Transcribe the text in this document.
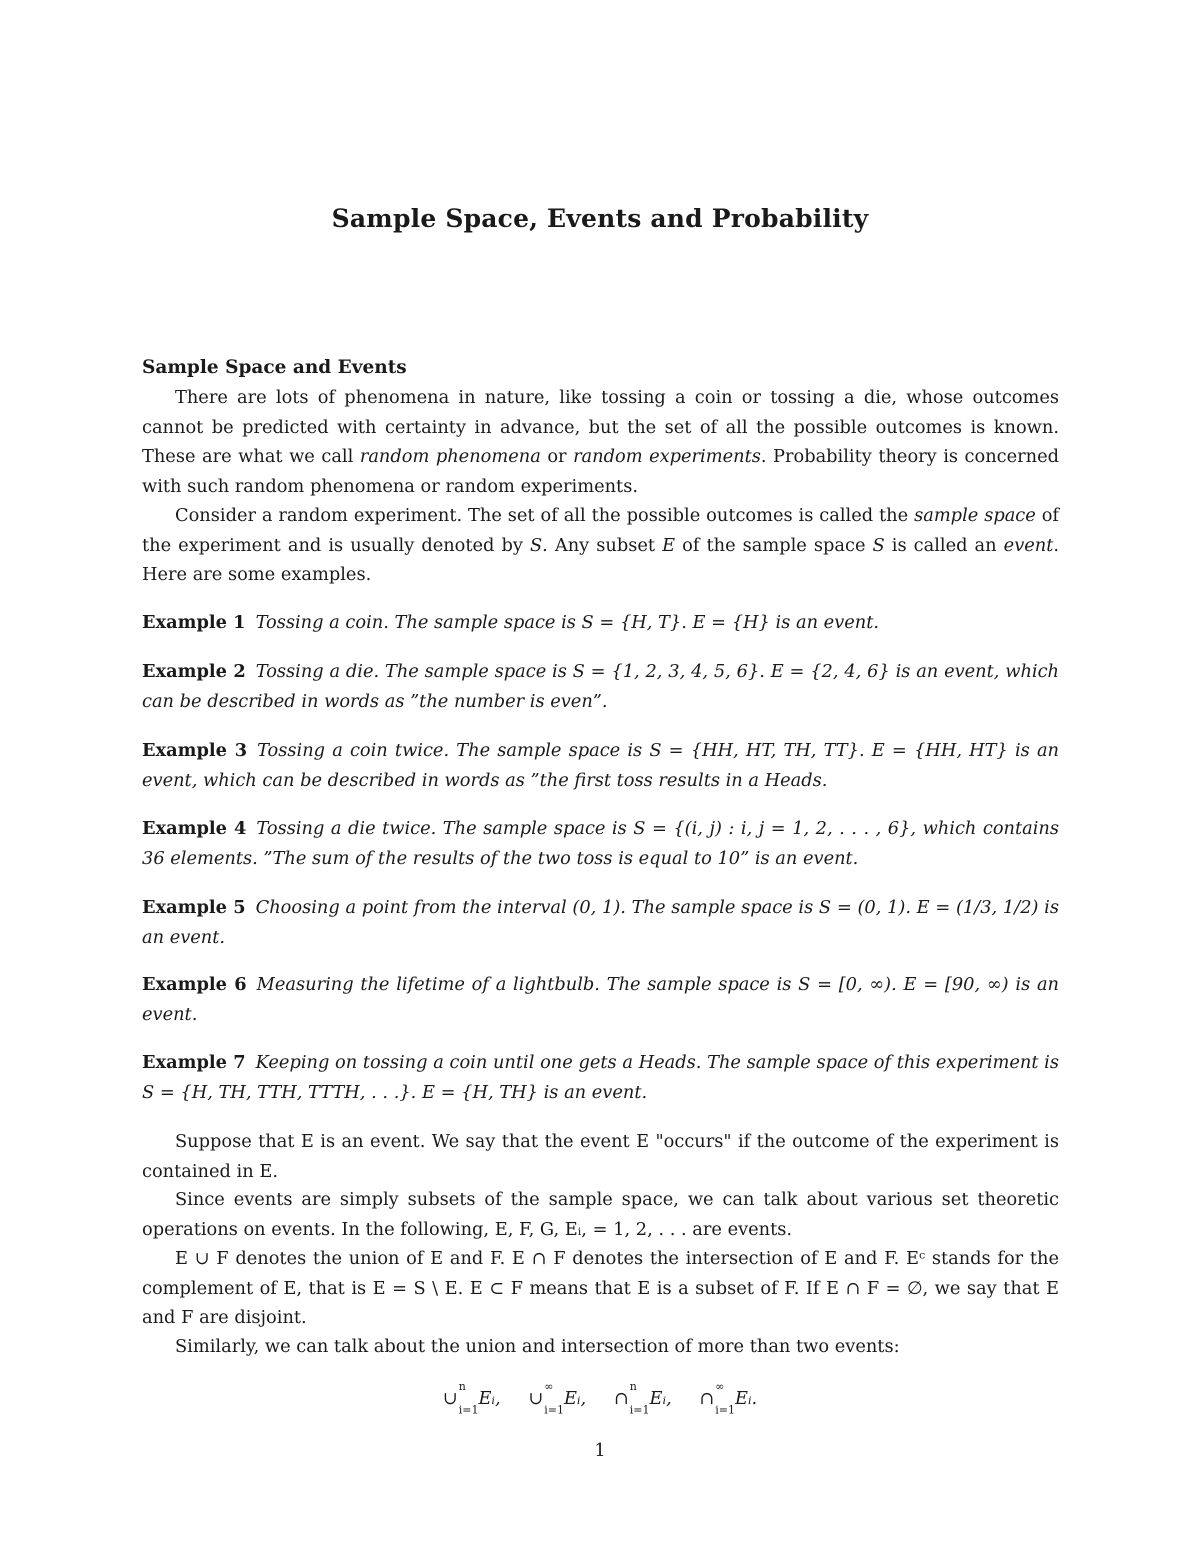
Sample Space, Events and Probability
Sample Space and Events

There are lots of phenomena in nature, like tossing a coin or tossing a die, whose outcomes cannot be predicted with certainty in advance, but the set of all the possible outcomes is known. These are what we call random phenomena or random experiments. Probability theory is concerned with such random phenomena or random experiments.

Consider a random experiment. The set of all the possible outcomes is called the sample space of the experiment and is usually denoted by S. Any subset E of the sample space S is called an event. Here are some examples.

Example 1 Tossing a coin. The sample space is S = {H, T}. E = {H} is an event.

Example 2 Tossing a die. The sample space is S = {1, 2, 3, 4, 5, 6}. E = {2, 4, 6} is an event, which can be described in words as ”the number is even”.

Example 3 Tossing a coin twice. The sample space is S = {HH, HT, TH, TT}. E = {HH, HT} is an event, which can be described in words as ”the first toss results in a Heads.

Example 4 Tossing a die twice. The sample space is S = {(i, j) : i, j = 1, 2, . . . , 6}, which contains 36 elements. ”The sum of the results of the two toss is equal to 10” is an event.

Example 5 Choosing a point from the interval (0, 1). The sample space is S = (0, 1). E = (1/3, 1/2) is an event.

Example 6 Measuring the lifetime of a lightbulb. The sample space is S = [0, ∞). E = [90, ∞) is an event.

Example 7 Keeping on tossing a coin until one gets a Heads. The sample space of this experiment is S = {H, TH, TTH, TTTH, . . .}. E = {H, TH} is an event.

Suppose that E is an event. We say that the event E "occurs" if the outcome of the experiment is contained in E.

Since events are simply subsets of the sample space, we can talk about various set theoretic operations on events. In the following, E, F, G, Eᵢ, = 1, 2, . . . are events.

E ∪ F denotes the union of E and F. E ∩ F denotes the intersection of E and F. Eᶜ stands for the complement of E, that is E = S \ E. E ⊂ F means that E is a subset of F. If E ∩ F = ∅, we say that E and F are disjoint.

Similarly, we can talk about the union and intersection of more than two events:

∪$^n$
$_{i=1}$Eᵢ, ∪∞
$_{i=1}$Eᵢ, ∩$^n$
$_{i=1}$Eᵢ, ∩∞
$_{i=1}$Eᵢ.
1
